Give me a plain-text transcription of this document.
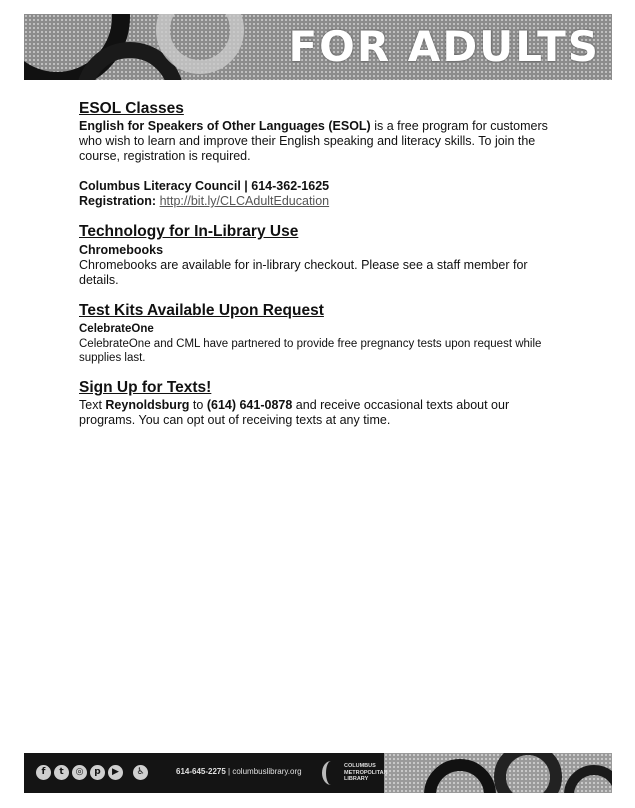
FOR ADULTS
ESOL Classes
English for Speakers of Other Languages (ESOL) is a free program for customers who wish to learn and improve their English speaking and literacy skills. To join the course, registration is required.
Columbus Literacy Council | 614-362-1625
Registration: http://bit.ly/CLCAdultEducation
Technology for In-Library Use
Chromebooks
Chromebooks are available for in-library checkout. Please see a staff member for details.
Test Kits Available Upon Request
CelebrateOne
CelebrateOne and CML have partnered to provide free pregnancy tests upon request while supplies last.
Sign Up for Texts!
Text Reynoldsburg to (614) 641-0878 and receive occasional texts about our programs. You can opt out of receiving texts at any time.
f	t	◎	p	▶	♿	614-645-2275 | columbuslibrary.org
COLUMBUS
METROPOLITAN
LIBRARY
